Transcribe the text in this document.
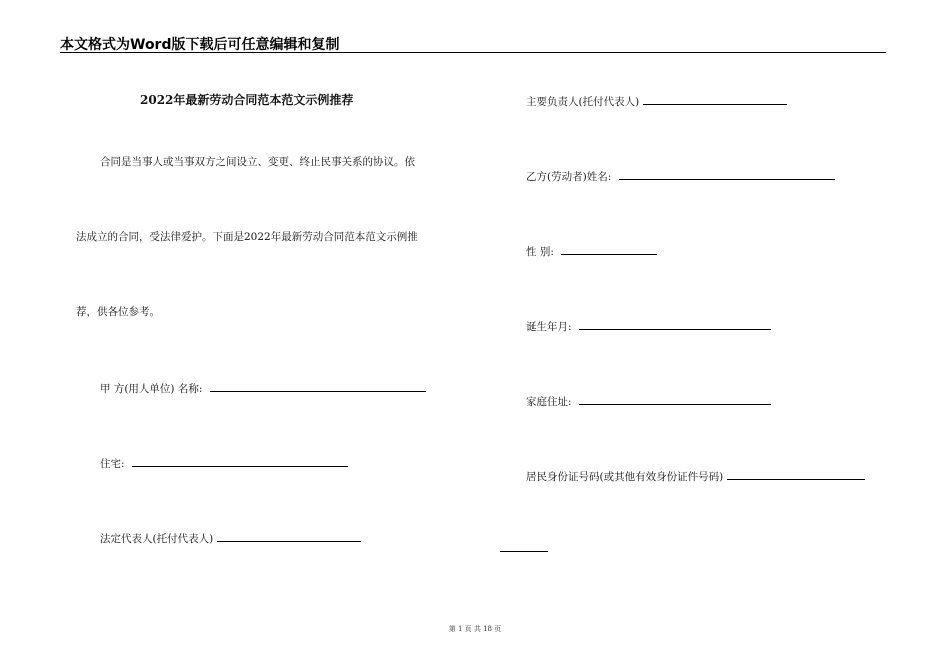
本文格式为Word版下载后可任意编辑和复制
2022年最新劳动合同范本范文示例推荐
合同是当事人或当事双方之间设立、变更、终止民事关系的协议。依
法成立的合同，受法律爱护。下面是2022年最新劳动合同范本范文示例推
荐，供各位参考。
甲 方(用人单位) 名称:
住宅:
法定代表人(托付代表人)
主要负责人(托付代表人)
乙方(劳动者)姓名:
性 别:
诞生年月:
家庭住址:
居民身份证号码(或其他有效身份证件号码)
第 1 页 共 18 页
